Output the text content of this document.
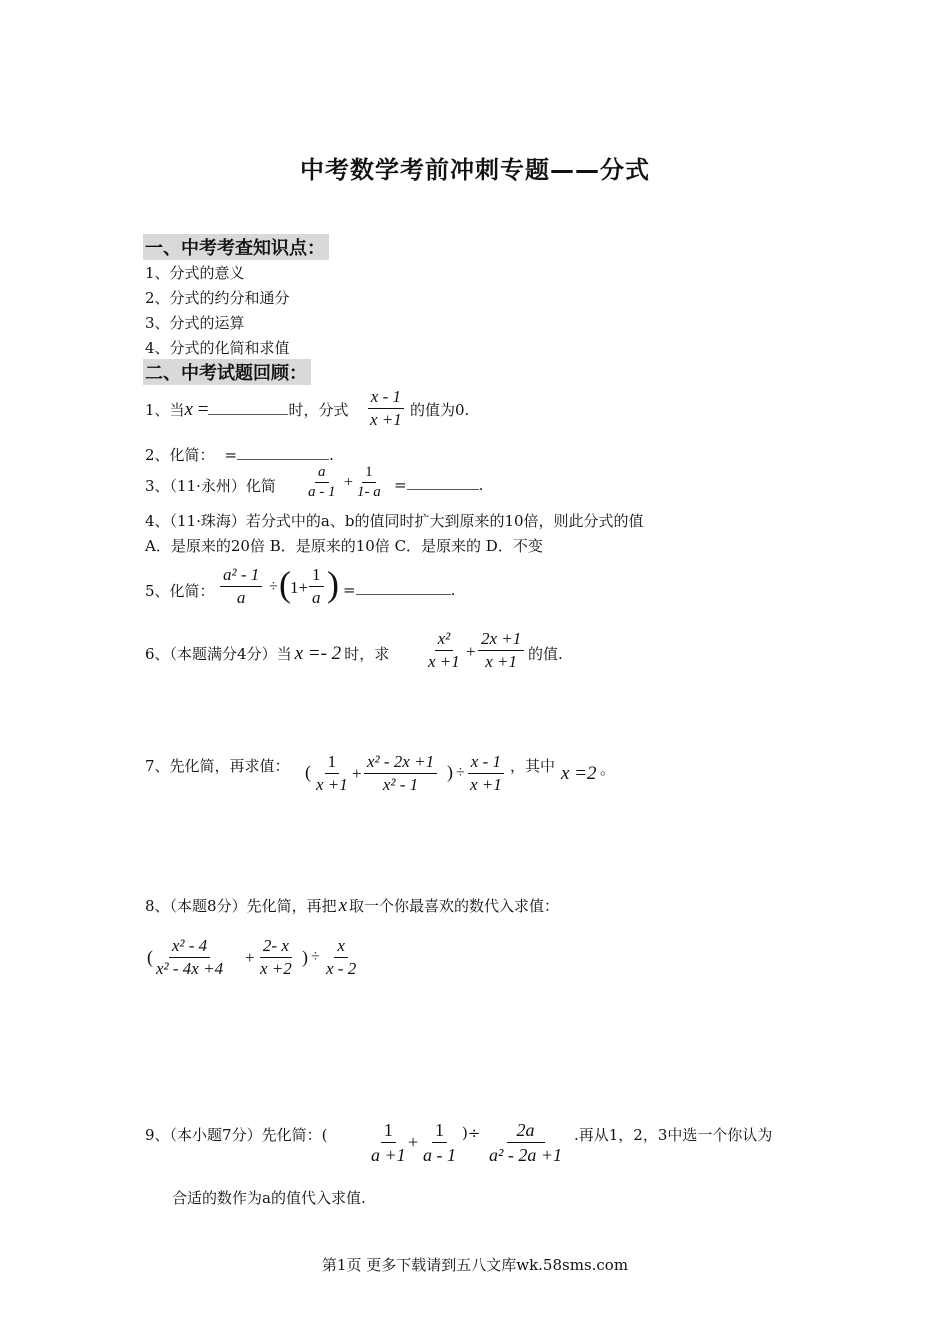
中考数学考前冲刺专题——分式
一、中考考查知识点：
1、分式的意义
2、分式的约分和通分
3、分式的运算
4、分式的化简和求值
二、中考试题回顾：
1、当x =	时，分式 $\frac{x - 1}{x +1}$ 的值为0.
2、化简： =	.
3、（11·永州）化简 $\frac{a}{a - 1} + \frac{1}{1- a}$ =	.
4、（11·珠海）若分式中的a、b的值同时扩大到原来的10倍，则此分式的值
A．是原来的20倍 B．是原来的10倍 C．是原来的 D．不变
5、化简： $\frac{\text{a² - 1}}{a}$ ÷ ( $1+ \frac{1}{a}$ ) =	.
6、（本题满分4分）当 x =- 2 时，求 $\frac{\text{x²}}{x +1} + \frac{2x +1}{x +1}$ 的值.
7、先化简，再求值： ( $\frac{1}{x +1} + \frac{\text{x² - 2x +1}}{\text{x² - 1}}$ ) ÷ $\frac{x - 1}{x +1}$ ，其中 x =2 。
8、（本题8分）先化简，再把 x 取一个你最喜欢的数代入求值：
( $\frac{\text{x² - 4}}{\text{x² - 4x +4}} + \frac{2- x}{x +2}$ ) ÷ $\frac{x}{x - 2}$
9、（本小题7分）先化简：( $\frac{1}{a +1} + \frac{1}{a - 1}$ )÷ $\frac{2a}{\text{a² - 2a +1}}$ .再从1，2，3中选一个你认为
合适的数作为a的值代入求值.
第1页 更多下载请到五八文库wk.58sms.com
